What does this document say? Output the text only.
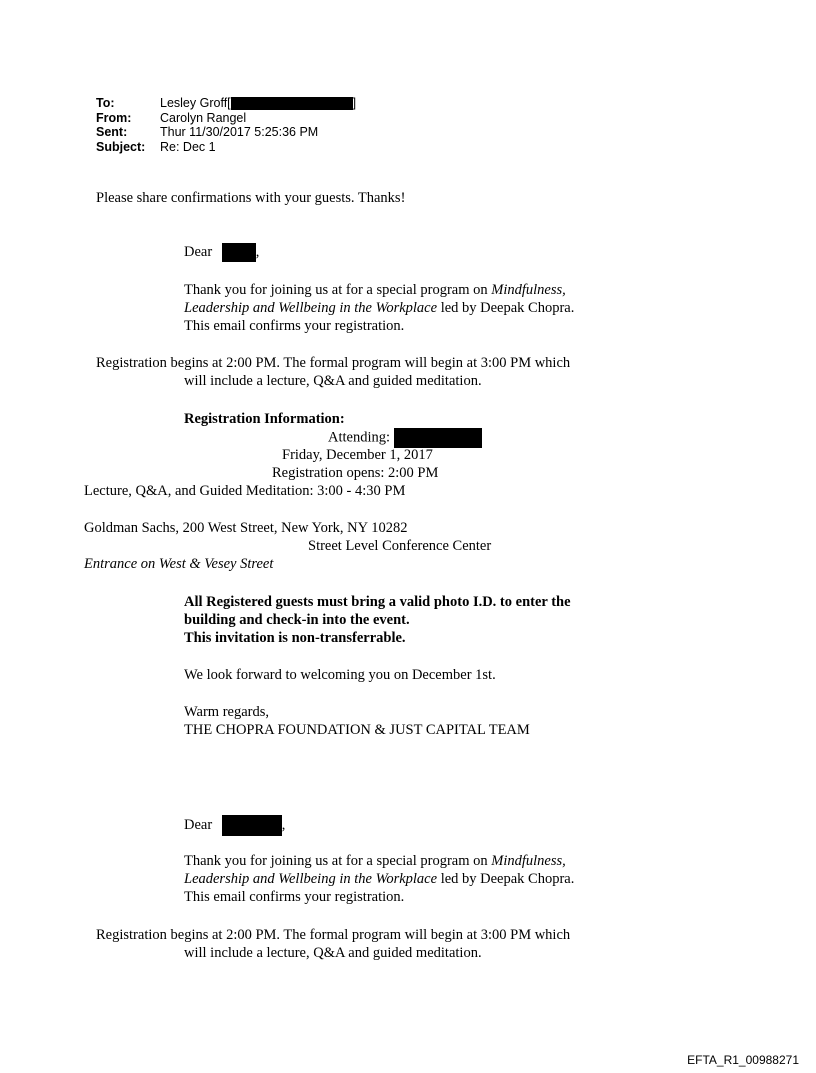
To:	Lesley Groff[	]
From:	Carolyn Rangel
Sent:	Thur 11/30/2017 5:25:36 PM
Subject:	Re: Dec 1
Please share confirmations with your guests. Thanks!
Dear	,
Thank you for joining us at for a special program on Mindfulness,
Leadership and Wellbeing in the Workplace led by Deepak Chopra.
This email confirms your registration.
Registration begins at 2:00 PM. The formal program will begin at 3:00 PM which
will include a lecture, Q&A and guided meditation.
Registration Information:
Attending:
Friday, December 1, 2017
Registration opens: 2:00 PM
Lecture, Q&A, and Guided Meditation: 3:00 - 4:30 PM
Goldman Sachs, 200 West Street, New York, NY 10282
Street Level Conference Center
Entrance on West & Vesey Street
All Registered guests must bring a valid photo I.D. to enter the
building and check-in into the event.
This invitation is non-transferrable.
We look forward to welcoming you on December 1st.
Warm regards,
THE CHOPRA FOUNDATION & JUST CAPITAL TEAM
Dear	,
Thank you for joining us at for a special program on Mindfulness,
Leadership and Wellbeing in the Workplace led by Deepak Chopra.
This email confirms your registration.
Registration begins at 2:00 PM. The formal program will begin at 3:00 PM which
will include a lecture, Q&A and guided meditation.
EFTA_R1_00988271
